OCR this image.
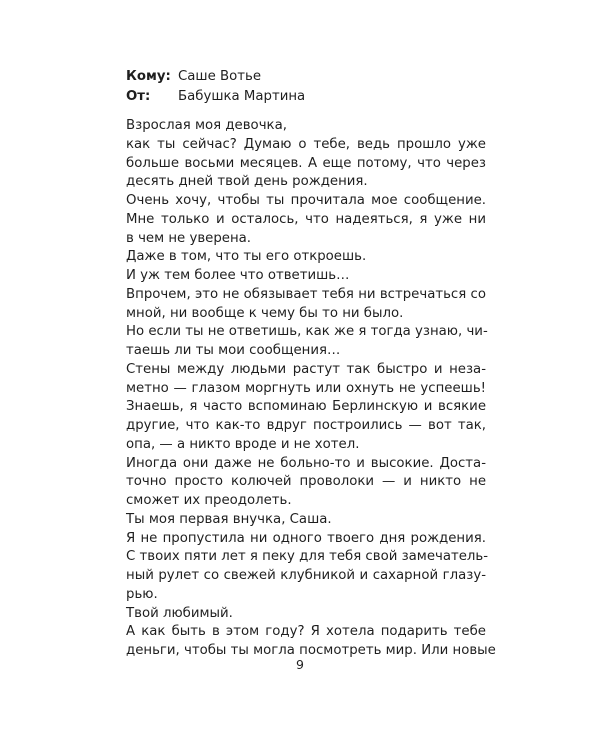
Кому: Саше Вотье
От:	Бабушка Мартина
Взрослая моя девочка,
как ты сейчас? Думаю о тебе, ведь прошло уже
больше восьми месяцев. А еще потому, что через
десять дней твой день рождения.
Очень хочу, чтобы ты прочитала мое сообщение.
Мне только и осталось, что надеяться, я уже ни
в чем не уверена.
Даже в том, что ты его откроешь.
И уж тем более что ответишь…
Впрочем, это не обязывает тебя ни встречаться со
мной, ни вообще к чему бы то ни было.
Но если ты не ответишь, как же я тогда узнаю, чи-
таешь ли ты мои сообщения…
Стены между людьми растут так быстро и неза-
метно — глазом моргнуть или охнуть не успеешь!
Знаешь, я часто вспоминаю Берлинскую и всякие
другие, что как-то вдруг построились — вот так,
опа, — а никто вроде и не хотел.
Иногда они даже не больно-то и высокие. Доста-
точно просто колючей проволоки — и никто не
сможет их преодолеть.
Ты моя первая внучка, Саша.
Я не пропустила ни одного твоего дня рождения.
С твоих пяти лет я пеку для тебя свой замечатель-
ный рулет со свежей клубникой и сахарной глазу-
рью.
Твой любимый.
А как быть в этом году? Я хотела подарить тебе
деньги, чтобы ты могла посмотреть мир. Или новые
9
